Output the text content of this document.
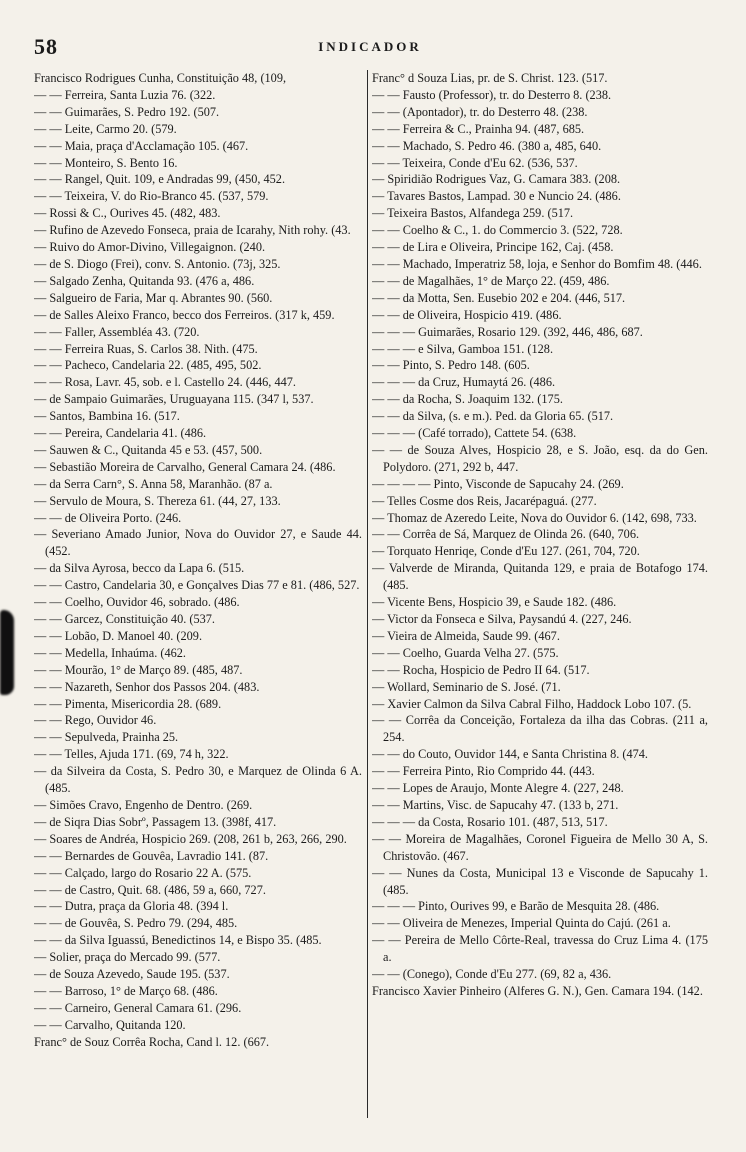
58	INDICADOR

Francisco Rodrigues Cunha, Constituição 48, (109,

— — Ferreira, Santa Luzia 76. (322.

— — Guimarães, S. Pedro 192. (507.

— — Leite, Carmo 20. (579.

— — Maia, praça d'Acclamação 105. (467.

— — Monteiro, S. Bento 16.

— — Rangel, Quit. 109, e Andradas 99, (450, 452.

— — Teixeira, V. do Rio-Branco 45. (537, 579.

— Rossi & C., Ourives 45. (482, 483.

— Rufino de Azevedo Fonseca, praia de Icarahy, Nith rohy. (43.

— Ruivo do Amor-Divino, Villegaignon. (240.

— de S. Diogo (Frei), conv. S. Antonio. (73j, 325.

— Salgado Zenha, Quitanda 93. (476 a, 486.

— Salgueiro de Faria, Mar q. Abrantes 90. (560.

— de Salles Aleixo Franco, becco dos Ferreiros. (317 k, 459.

— — Faller, Assembléa 43. (720.

— — Ferreira Ruas, S. Carlos 38. Nith. (475.

— — Pacheco, Candelaria 22. (485, 495, 502.

— — Rosa, Lavr. 45, sob. e l. Castello 24. (446, 447.

— de Sampaio Guimarães, Uruguayana 115. (347 l, 537.

— Santos, Bambina 16. (517.

— — Pereira, Candelaria 41. (486.

— Sauwen & C., Quitanda 45 e 53. (457, 500.

— Sebastião Moreira de Carvalho, General Camara 24. (486.

— da Serra Carn°, S. Anna 58, Maranhão. (87 a.

— Servulo de Moura, S. Thereza 61. (44, 27, 133.

— — de Oliveira Porto. (246.

— Severiano Amado Junior, Nova do Ouvidor 27, e Saude 44. (452.

— da Silva Ayrosa, becco da Lapa 6. (515.

— — Castro, Candelaria 30, e Gonçalves Dias 77 e 81. (486, 527.

— — Coelho, Ouvidor 46, sobrado. (486.

— — Garcez, Constituição 40. (537.

— — Lobão, D. Manoel 40. (209.

— — Medella, Inhaúma. (462.

— — Mourão, 1° de Março 89. (485, 487.

— — Nazareth, Senhor dos Passos 204. (483.

— — Pimenta, Misericordia 28. (689.

— — Rego, Ouvidor 46.

— — Sepulveda, Prainha 25.

— — Telles, Ajuda 171. (69, 74 h, 322.

— da Silveira da Costa, S. Pedro 30, e Marquez de Olinda 6 A. (485.

— Simões Cravo, Engenho de Dentro. (269.

— de Siqra Dias Sobrº, Passagem 13. (398f, 417.

— Soares de Andréa, Hospicio 269. (208, 261 b, 263, 266, 290.

— — Bernardes de Gouvêa, Lavradio 141. (87.

— — Calçado, largo do Rosario 22 A. (575.

— — de Castro, Quit. 68. (486, 59 a, 660, 727.

— — Dutra, praça da Gloria 48. (394 l.

— — de Gouvêa, S. Pedro 79. (294, 485.

— — da Silva Iguassú, Benedictinos 14, e Bispo 35. (485.

— Solier, praça do Mercado 99. (577.

— de Souza Azevedo, Saude 195. (537.

— — Barroso, 1° de Março 68. (486.

— — Carneiro, General Camara 61. (296.

— — Carvalho, Quitanda 120.

Franc° de Souz Corrêa Rocha, Cand l. 12. (667.

Franc° d Souza Lias, pr. de S. Christ. 123. (517.

— — Fausto (Professor), tr. do Desterro 8. (238.

— — (Apontador), tr. do Desterro 48. (238.

— — Ferreira & C., Prainha 94. (487, 685.

— — Machado, S. Pedro 46. (380 a, 485, 640.

— — Teixeira, Conde d'Eu 62. (536, 537.

— Spiridião Rodrigues Vaz, G. Camara 383. (208.

— Tavares Bastos, Lampad. 30 e Nuncio 24. (486.

— Teixeira Bastos, Alfandega 259. (517.

— — Coelho & C., 1. do Commercio 3. (522, 728.

— — de Lira e Oliveira, Principe 162, Caj. (458.

— — Machado, Imperatriz 58, loja, e Senhor do Bomfim 48. (446.

— — de Magalhães, 1° de Março 22. (459, 486.

— — da Motta, Sen. Eusebio 202 e 204. (446, 517.

— — de Oliveira, Hospicio 419. (486.

— — — Guimarães, Rosario 129. (392, 446, 486, 687.

— — — e Silva, Gamboa 151. (128.

— — Pinto, S. Pedro 148. (605.

— — — da Cruz, Humaytá 26. (486.

— — da Rocha, S. Joaquim 132. (175.

— — da Silva, (s. e m.). Ped. da Gloria 65. (517.

— — — (Café torrado), Cattete 54. (638.

— — de Souza Alves, Hospicio 28, e S. João, esq. da do Gen. Polydoro. (271, 292 b, 447.

— — — — Pinto, Visconde de Sapucahy 24. (269.

— Telles Cosme dos Reis, Jacarépaguá. (277.

— Thomaz de Azeredo Leite, Nova do Ouvidor 6. (142, 698, 733.

— — Corrêa de Sá, Marquez de Olinda 26. (640, 706.

— Torquato Henriqe, Conde d'Eu 127. (261, 704, 720.

— Valverde de Miranda, Quitanda 129, e praia de Botafogo 174. (485.

— Vicente Bens, Hospicio 39, e Saude 182. (486.

— Victor da Fonseca e Silva, Paysandú 4. (227, 246.

— Vieira de Almeida, Saude 99. (467.

— — Coelho, Guarda Velha 27. (575.

— — Rocha, Hospicio de Pedro II 64. (517.

— Wollard, Seminario de S. José. (71.

— Xavier Calmon da Silva Cabral Filho, Haddock Lobo 107. (5.

— — Corrêa da Conceição, Fortaleza da ilha das Cobras. (211 a, 254.

— — do Couto, Ouvidor 144, e Santa Christina 8. (474.

— — Ferreira Pinto, Rio Comprido 44. (443.

— — Lopes de Araujo, Monte Alegre 4. (227, 248.

— — Martins, Visc. de Sapucahy 47. (133 b, 271.

— — — da Costa, Rosario 101. (487, 513, 517.

— — Moreira de Magalhães, Coronel Figueira de Mello 30 A, S. Christovão. (467.

— — Nunes da Costa, Municipal 13 e Visconde de Sapucahy 1. (485.

— — — Pinto, Ourives 99, e Barão de Mesquita 28. (486.

— — Oliveira de Menezes, Imperial Quinta do Cajú. (261 a.

— — Pereira de Mello Côrte-Real, travessa do Cruz Lima 4. (175 a.

— — (Conego), Conde d'Eu 277. (69, 82 a, 436.

Francisco Xavier Pinheiro (Alferes G. N.), Gen. Camara 194. (142.
